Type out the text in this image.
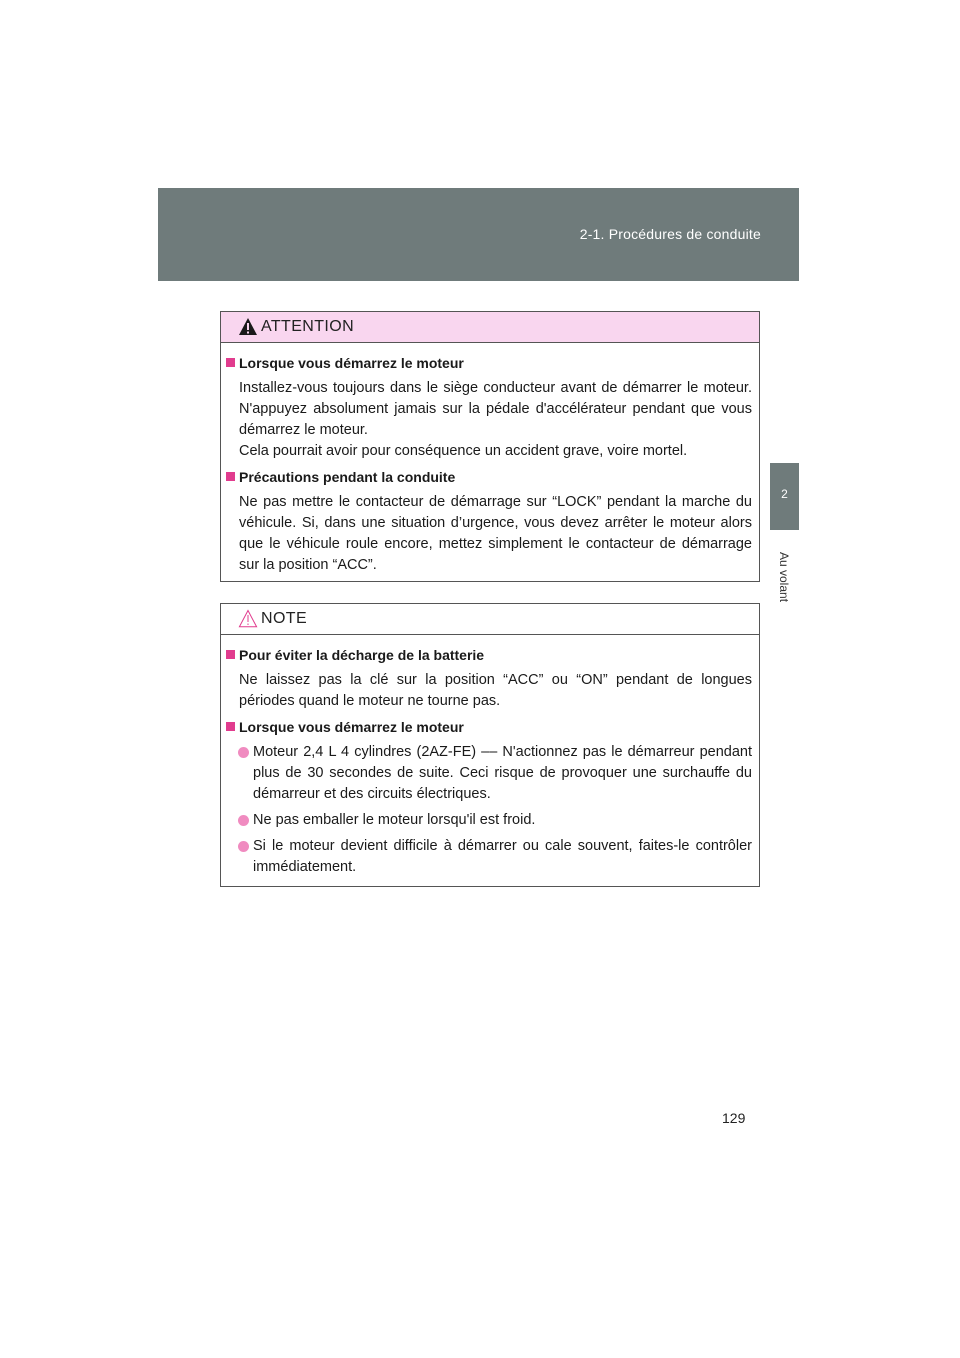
2-1. Procédures de conduite
2
Au volant
ATTENTION
Lorsque vous démarrez le moteur
Installez-vous toujours dans le siège conducteur avant de démarrer le moteur. N'appuyez absolument jamais sur la pédale d'accélérateur pendant que vous démarrez le moteur.
Cela pourrait avoir pour conséquence un accident grave, voire mortel.
Précautions pendant la conduite
Ne pas mettre le contacteur de démarrage sur “LOCK” pendant la marche du véhicule. Si, dans une situation d’urgence, vous devez arrêter le moteur alors que le véhicule roule encore, mettez simplement le contacteur de démarrage sur la position “ACC”.
NOTE
Pour éviter la décharge de la batterie
Ne laissez pas la clé sur la position “ACC” ou “ON” pendant de longues périodes quand le moteur ne tourne pas.
Lorsque vous démarrez le moteur
Moteur 2,4 L 4 cylindres (2AZ-FE) –– N'actionnez pas le démarreur pendant plus de 30 secondes de suite. Ceci risque de provoquer une surchauffe du démarreur et des circuits électriques.
Ne pas emballer le moteur lorsqu'il est froid.
Si le moteur devient difficile à démarrer ou cale souvent, faites-le contrôler immédiatement.
129
